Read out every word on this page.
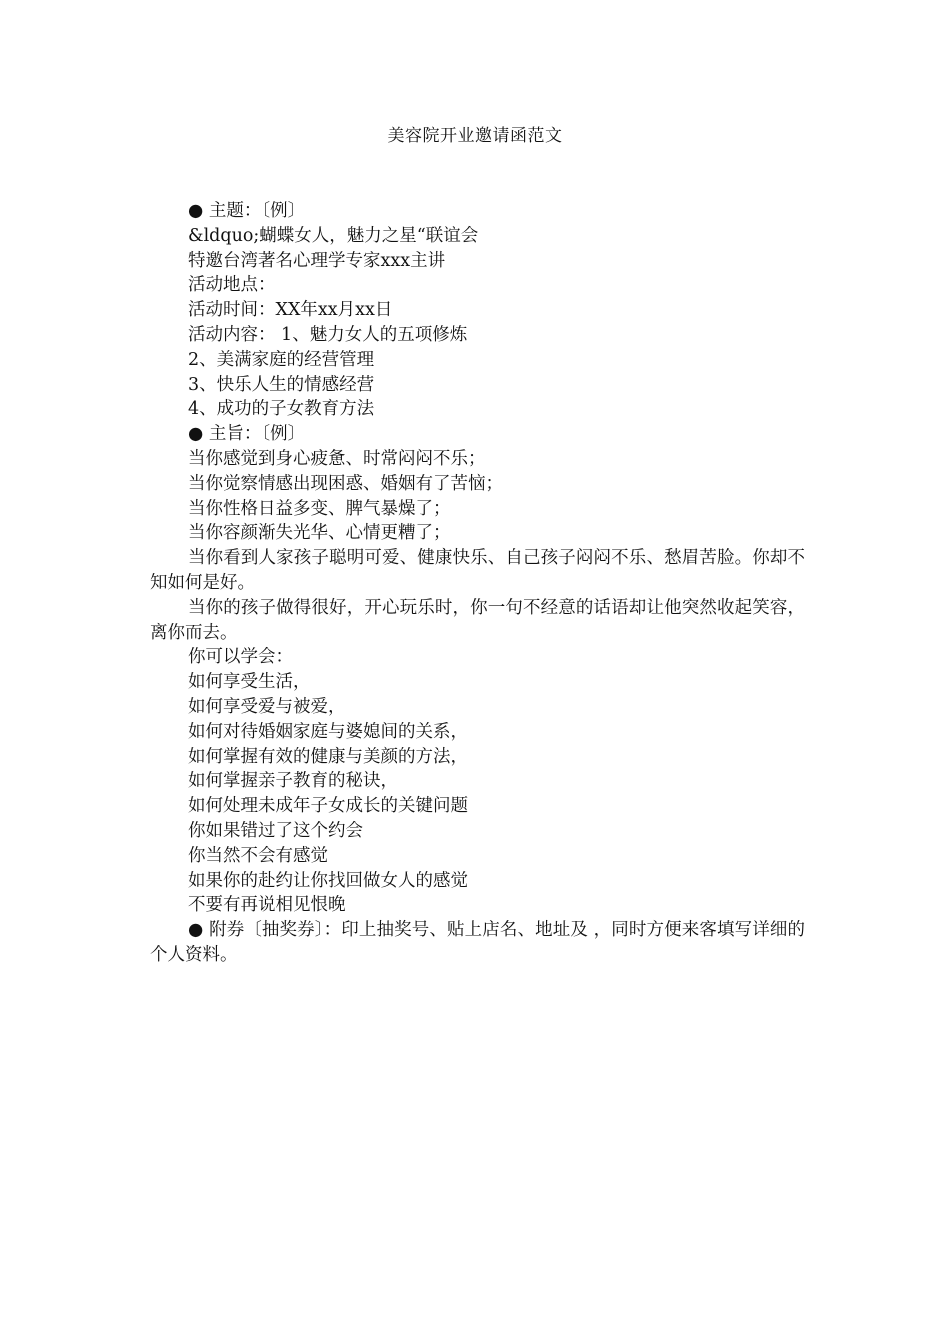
美容院开业邀请函范文
● 主题：〔例〕
&ldquo;蝴蝶女人，魅力之星“联谊会
特邀台湾著名心理学专家xxx主讲
活动地点：
活动时间：XX年xx月xx日
活动内容： 1、魅力女人的五项修炼
2、美满家庭的经营管理
3、快乐人生的情感经营
4、成功的子女教育方法
● 主旨：〔例〕
当你感觉到身心疲惫、时常闷闷不乐；
当你觉察情感出现困惑、婚姻有了苦恼；
当你性格日益多变、脾气暴燥了；
当你容颜渐失光华、心情更糟了；
当你看到人家孩子聪明可爱、健康快乐、自己孩子闷闷不乐、愁眉苦脸。你却不知如何是好。
当你的孩子做得很好，开心玩乐时，你一句不经意的话语却让他突然收起笑容，离你而去。
你可以学会：
如何享受生活，
如何享受爱与被爱，
如何对待婚姻家庭与婆媳间的关系，
如何掌握有效的健康与美颜的方法，
如何掌握亲子教育的秘诀，
如何处理未成年子女成长的关键问题
你如果错过了这个约会
你当然不会有感觉
如果你的赴约让你找回做女人的感觉
不要有再说相见恨晚
● 附券〔抽奖券〕：印上抽奖号、贴上店名、地址及 ，同时方便来客填写详细的个人资料。
